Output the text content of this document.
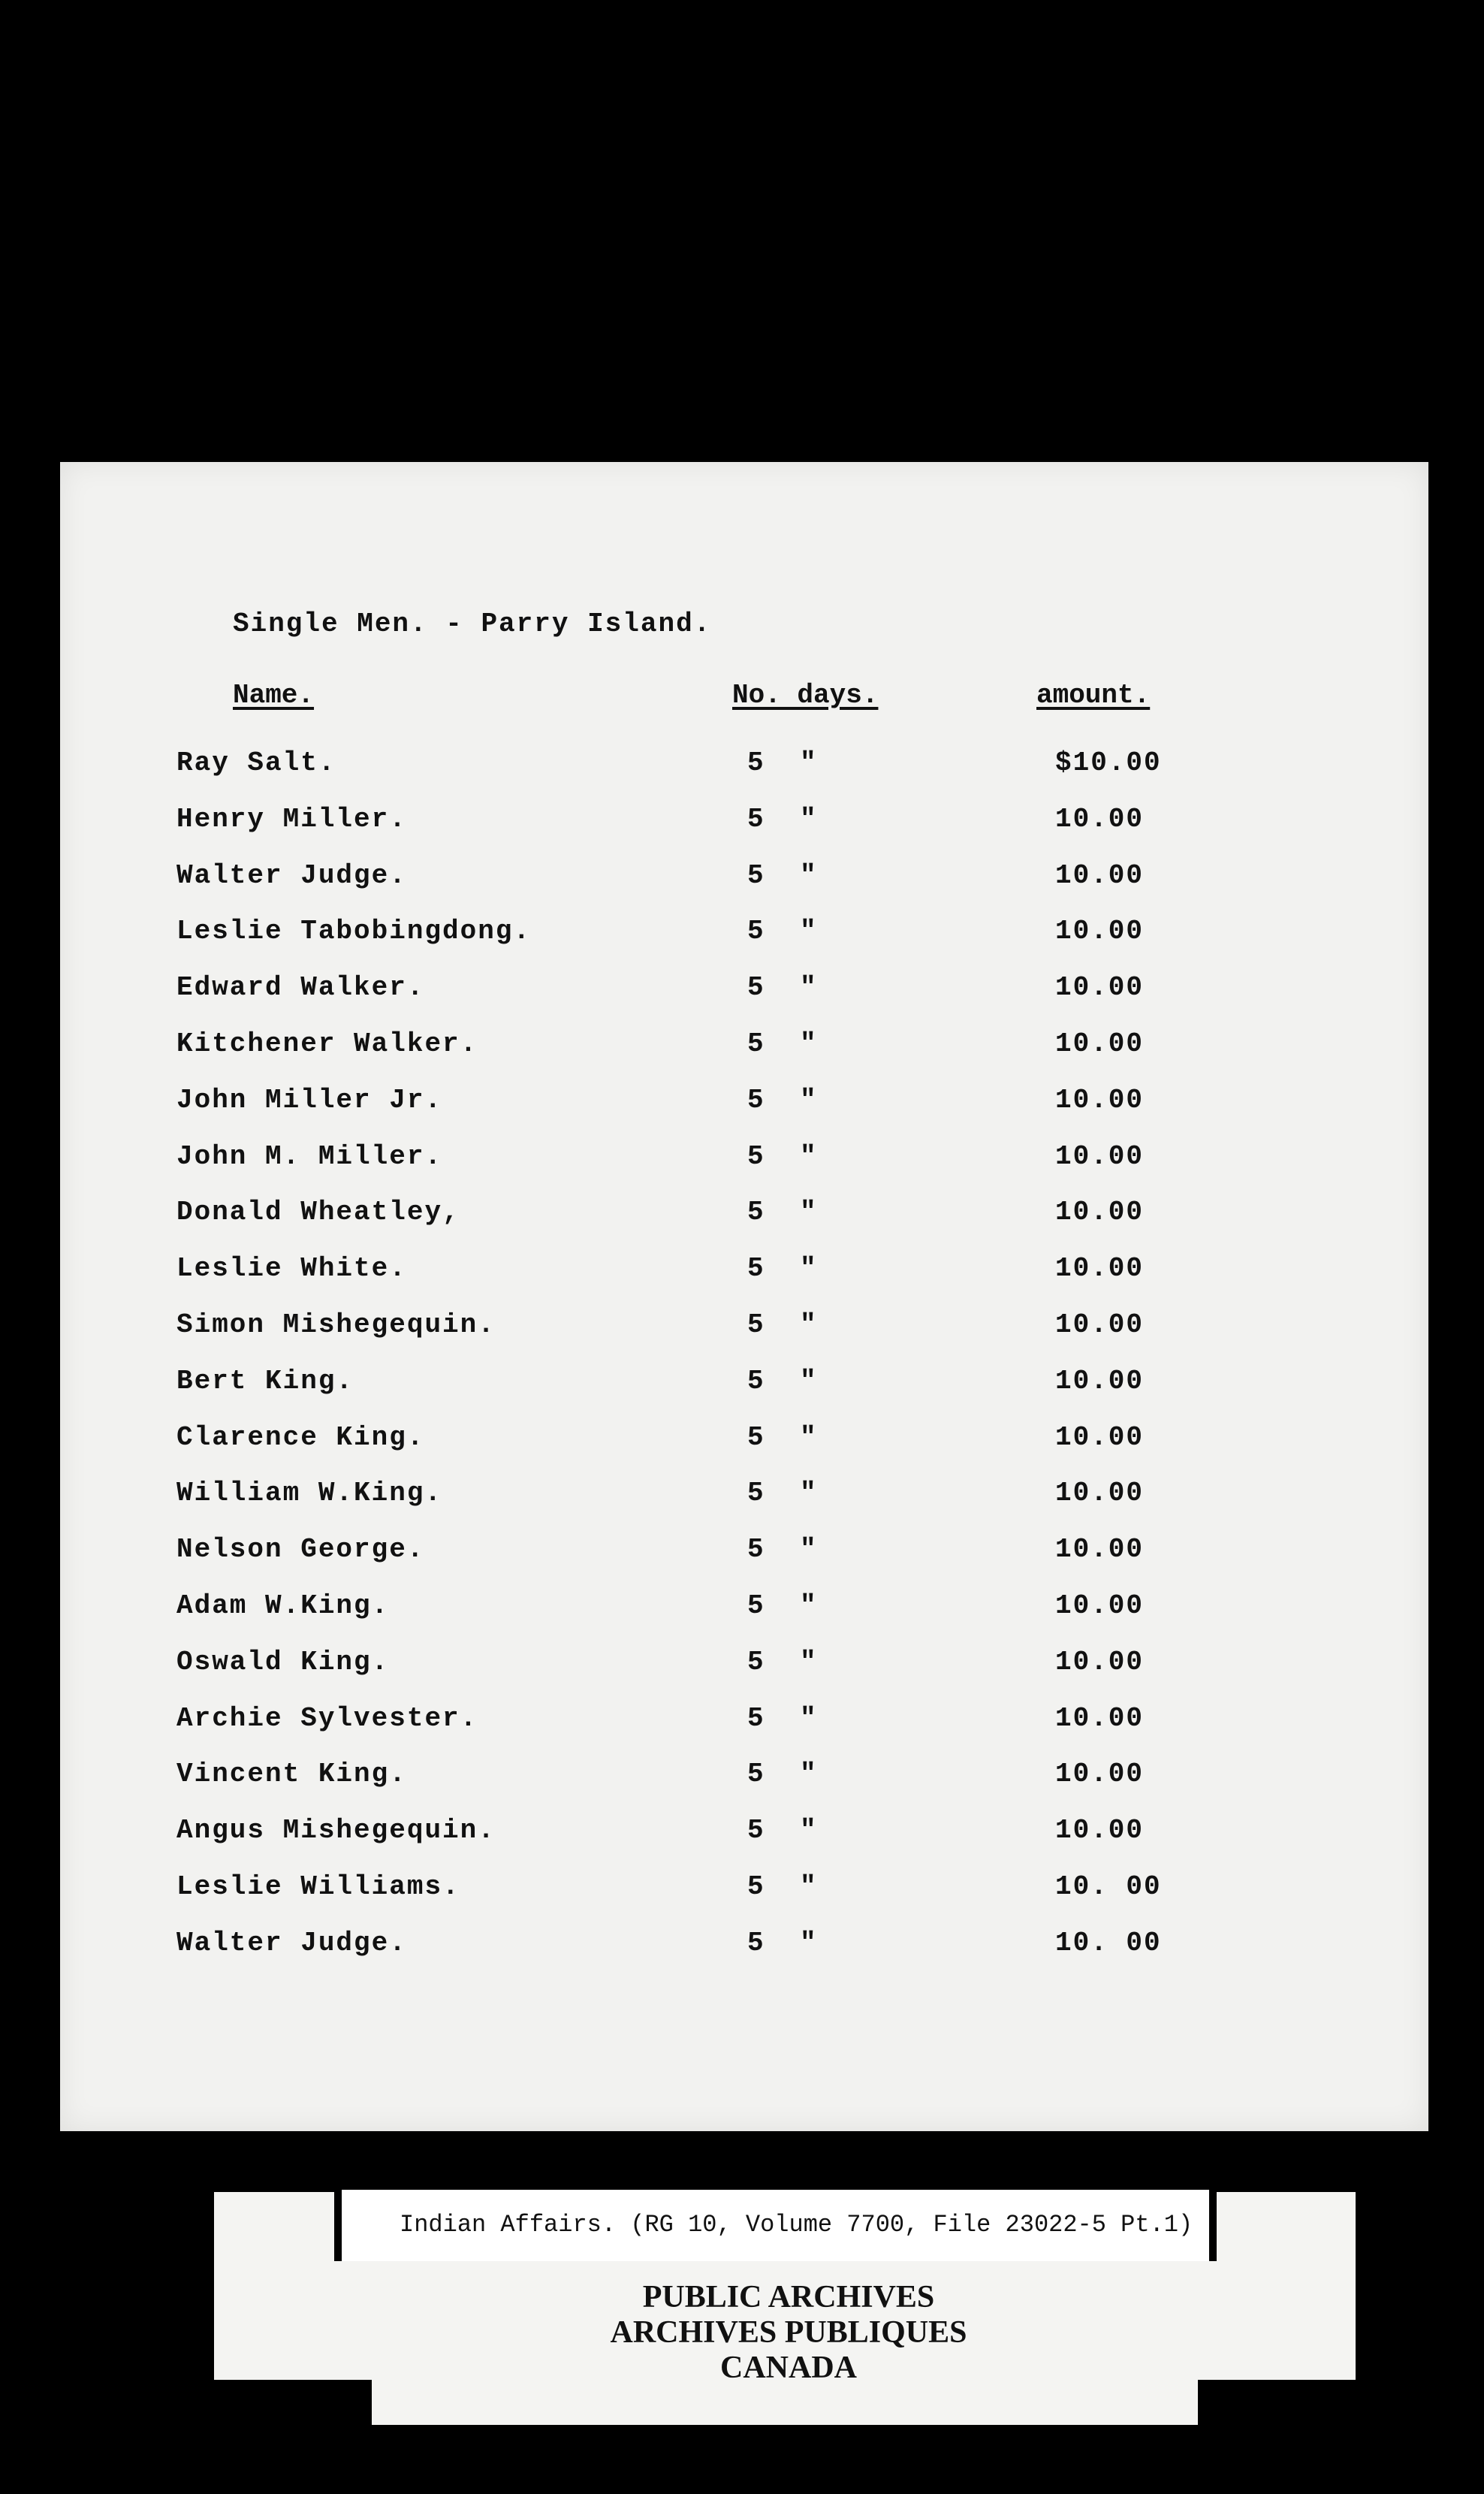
Single Men. - Parry Island.
Name.	No. days.	amount.
Ray Salt.	5 "	$10.00
Henry Miller.	5 "	10.00
Walter Judge.	5 "	10.00
Leslie Tabobingdong.	5 "	10.00
Edward Walker.	5 "	10.00
Kitchener Walker.	5 "	10.00
John Miller Jr.	5 "	10.00
John M. Miller.	5 "	10.00
Donald Wheatley,	5 "	10.00
Leslie White.	5 "	10.00
Simon Mishegequin.	5 "	10.00
Bert King.	5 "	10.00
Clarence King.	5 "	10.00
William W.King.	5 "	10.00
Nelson George.	5 "	10.00
Adam W.King.	5 "	10.00
Oswald King.	5 "	10.00
Archie Sylvester.	5 "	10.00
Vincent King.	5 "	10.00
Angus Mishegequin.	5 "	10.00
Leslie Williams.	5 "	10. 00
Walter Judge.	5 "	10. 00
Indian Affairs. (RG 10, Volume 7700, File 23022-5 Pt.1)
PUBLIC ARCHIVES
ARCHIVES PUBLIQUES
CANADA
